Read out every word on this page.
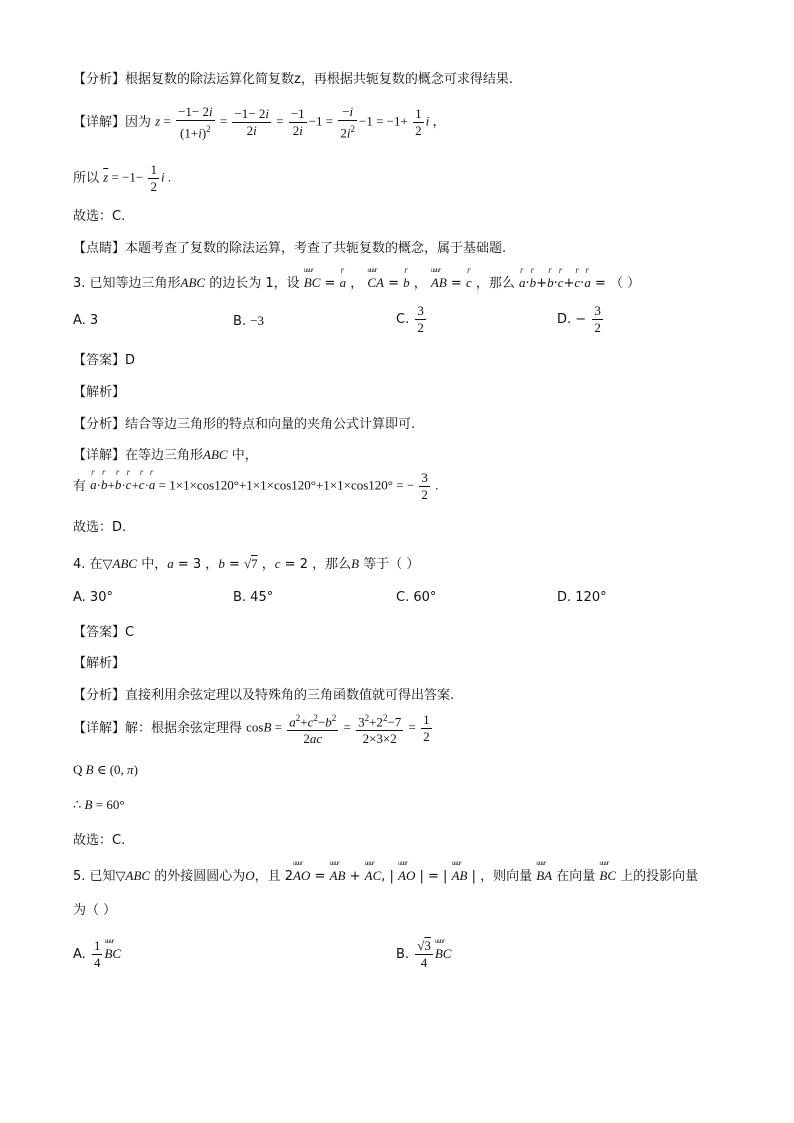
【分析】根据复数的除法运算化简复数z，再根据共轭复数的概念可求得结果.
【详解】因为 $z = \frac{-1- 2i}{(1+i)^2} = \frac{-1- 2i}{2i} = \frac{-1}{2i} -1 = \frac{-i}{2i^2} -1 = -1+ \frac{1}{2}$ i ，
所以 $\overline{z} = -1- \frac{1}{2}$ i .
故选：C.
【点睛】本题考查了复数的除法运算，考查了共轭复数的概念，属于基础题.
3. 已知等边三角形ABC 的边长为 1，设 uuur BC = r a ， uuur CA = r b ， uuur AB = r c ，那么 r a·r b+r b·r c+r c·r a = （ ）
A. 3	B. −3	C. $\frac{3}{2}$	D. − $\frac{3}{2}$
【答案】D
【解析】
【分析】结合等边三角形的特点和向量的夹角公式计算即可.
【详解】在等边三角形ABC 中，
有 r a·r b+r b·r c+r c·r a = 1×1×cos120°+1×1×cos120°+1×1×cos120° = − $\frac{3}{2}$ .
故选：D.
4. 在▽ABC 中，a = 3 ，b = √7 ，c = 2 ，那么B 等于（ ）
A. 30°	B. 45°	C. 60°	D. 120°
【答案】C
【解析】
【分析】直接利用余弦定理以及特殊角的三角函数值就可得出答案.
【详解】解：根据余弦定理得 $\cos B = \frac{a^2+c^2-b^2}{2ac} = \frac{3^2+2^2-7}{2\times 3\times 2} = \frac{1}{2}$
Q B ∈ (0, π)
∴ B = 60°
故选：C.
5. 已知▽ABC 的外接圆圆心为O，且 2uuur AO = uuur AB + uuur AC, | uuur AO | = | uuur AB | ，则向量 uuur BA 在向量 uuur BC 上的投影向量
为（ ）
A. $\frac{1}{4}$ uuur BC	B. $\frac{√3}{4}$ uuur BC
